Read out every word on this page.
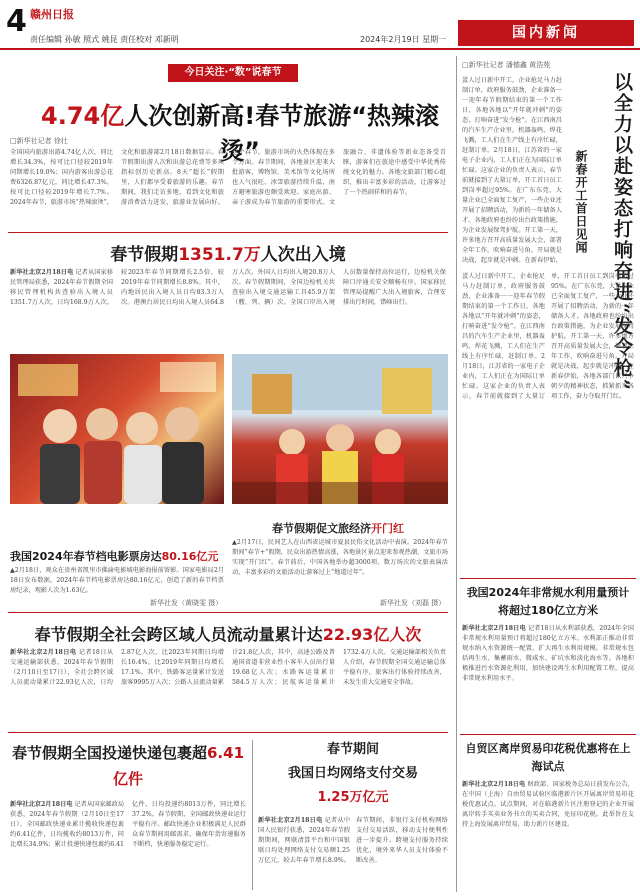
4 赣州日报
责任编辑 孙敏 照式 姚昆 责任校对 邓新明	2024年2月19日 星期一	国内新闻
今日关注·“数”说春节
4.74亿人次创新高!春节旅游“热辣滚烫”
□新华社记者 徐壮
全国国内旅游出游4.74亿人次，同比增长34.3%，按可比口径较2019年同期增长19.0%；国内游客出游总花费6326.87亿元，同比增长47.3%，按可比口径较2019年增长7.7%。2024年春节，旅游市场“热辣滚烫”，文化和旅游部2月18日数据显示。春节假期出游人次和出游总花费等多项指标创历史新高。8天“超长”假期里，人们都享受着旅游的乐趣。春节期间，我们走访多地，看到文化和旅游消费活力迸发，旅游业发展向好。这个春节，旅游市场的火热体现在多个方面。春节期间，各地景区迎来大批游客，博物馆、美术馆等文化场所也人气很旺。冰雪旅游持续升温，南方避寒旅游也颇受欢迎。家庭出游、亲子游成为春节旅游的重要形式。文旅融合、非遗体验等新业态备受青睐，游客们在旅途中感受中华优秀传统文化的魅力。各地文旅部门精心组织，推出丰富多彩的活动，让游客过了一个热闹祥和的春节。
春节假期1351.7万人次出入境
新华社北京2月18日电 记者从国家移民管理局获悉，2024年春节假期全国移民管理机构共查验出入境人员1351.7万人次，日均168.9万人次。较2023年春节同期增长2.5倍，较2019年春节同期增长8.8%。其中，内地居民出入境人员日均83.3万人次。港澳台居民日均出入境人员64.8万人次。外国人日均出入境20.8万人次。春节假期期间，全国边检机关共查验出入境交通运输工具45.9万架（艘、列、辆）次。全国口岸出入境人员数量保持高位运行，边检机关保障口岸通关安全顺畅有序。国家移民管理局提醒广大出入境旅客，合理安排出行时间，错峰出行。
我国2024年春节档电影票房达80.16亿元
▲2月18日，观众在贵州省凯里市佛渝电影城电影海报前留影。国家电影局2月18日发布数据，2024年春节档电影票房达80.16亿元，创造了新的春节档票房纪录，观影人次为1.63亿。
新华社发（黄晓雯 摄）
春节假期促文旅经济开门红
▲2月17日，民间艺人在山西省运城市夏县民俗文化活动中表演。2024年春节期间“春节+”假期，民众出游热情高涨，各地景区景点迎来参观热潮，文旅市场实现“开门红”。春节前后，中国各地举办超3000项、数万场次的文旅表演活动，丰富多彩的文旅活动让游客过上“地道过年”。
新华社发（刘磊 摄）
春节假期全社会跨区域人员流动量累计达22.93亿人次
新华社北京2月18日电 记者18日从交通运输部获悉，2024年春节假期（2月10日至17日），全社会跨区域人员流动量累计22.93亿人次，日均2.87亿人次，比2023年同期日均增长16.4%，比2019年同期日均增长17.1%。其中，铁路客运量累计发送旅客9995万人次；公路人员流动量累计21.8亿人次，其中，高速公路及普通国省道非营业性小客车人员出行量19.68亿人次；水路客运量累计584.5万人次；民航客运量累计1732.4万人次。交通运输部相关负责人介绍，春节假期全国交通运输总体平稳有序，旅客出行体验持续改善，未发生重大交通安全事故。
春节假期全国投递快递包裹超6.41亿件
新华社北京2月18日电 记者从国家邮政局获悉，2024年春节假期（2月10日至17日），全国邮政快递业累计揽收快递包裹约6.41亿件，日均揽收约8013万件，同比增长34.9%；累计投递快递包裹约6.41亿件，日均投递约8013万件，同比增长37.2%。春节假期，全国邮政快递业运行平稳有序。邮政快递企业积极满足人民群众春节期间用邮需求，确保年货寄递服务不断档，快递服务稳定运行。
春节期间
我国日均网络支付交易
1.25万亿元
新华社北京2月18日电 记者从中国人民银行获悉，2024年春节假期期间，网联清算平台和中国银联日均处理网络支付交易额1.25万亿元，较去年春节增长8.9%。春节期间，非银行支付机构网络支付交易活跃，移动支付便利性进一步提升。跨境支付服务持续优化，境外来华人员支付体验不断改善。
□新华社记者 潘德鑫 黄浩苑
以全力以赴姿态打响奋进“发令枪”
新春开工首日见闻
蛋人过日新中开工，企业抢足马力赶制订单，政府服务鼓劲，企业准备一一迎年春节假期结束的第一个工作日，各地各地以“开年就冲刺”的姿态，打响奋进“发令枪”。在江西南昌的汽车生产企业里，机器轰鸣、焊花飞溅，工人们在生产线上有序忙碌，赶制订单。2月18日，江苏省的一家电子企业内，工人们正在为国际订单忙碌。这家企业的负责人表示，春节前就接到了大量订单，开工首日员工到岗率超过95%。在广东东莞，大量企业已全面复工复产，一些企业还开展了招聘活动，为新的一年储备人才。各地政府也纷纷出台政策措施，为企业发展保驾护航。开工第一天，许多地方召开高质量发展大会，部署全年工作，吹响奋进号角。开局就是决战，起步就是冲刺。在新春伊始，
蛋人过日新中开工，企业抢足马力赶制订单，政府服务鼓劲，企业准备一一迎年春节假期结束的第一个工作日，各地各地以“开年就冲刺”的姿态，打响奋进“发令枪”。在江西南昌的汽车生产企业里，机器轰鸣、焊花飞溅，工人们在生产线上有序忙碌，赶制订单。2月18日，江苏省的一家电子企业内，工人们正在为国际订单忙碌。这家企业的负责人表示，春节前就接到了大量订单，开工首日员工到岗率超过95%。在广东东莞，大量企业已全面复工复产，一些企业还开展了招聘活动，为新的一年储备人才。各地政府也纷纷出台政策措施，为企业发展保驾护航。开工第一天，许多地方召开高质量发展大会，部署全年工作，吹响奋进号角。开局就是决战，起步就是冲刺。在新春伊始，各地各部门以只争朝夕的精神状态，抓紧抓实各项工作，奋力夺取开门红。
我国2024年非常规水利用量预计将超过180亿立方米
新华社北京2月18日电 记者18日从水利部获悉，2024年全国非常规水利用量预计将超过180亿立方米。水利部正推动非常规水纳入水资源统一配置，扩大再生水利用规模。非常规水包括再生水、集蓄雨水、微咸水、矿坑水和淡化海水等。各地积极推进污水资源化利用，加快建设再生水利用配置工程，提高非常规水利用水平。
自贸区离岸贸易印花税优惠将在上海试点
新华社北京2月18日电 财政部、国家税务总局日前发布公告，在中国（上海）自由贸易试验区临港新片区开展离岸贸易印花税优惠试点。试点期间，对在临港新片区注册登记的企业开展离岸转手买卖业务书立的买卖合同，免征印花税。此举旨在支持上海发展离岸贸易，助力新片区建设。
